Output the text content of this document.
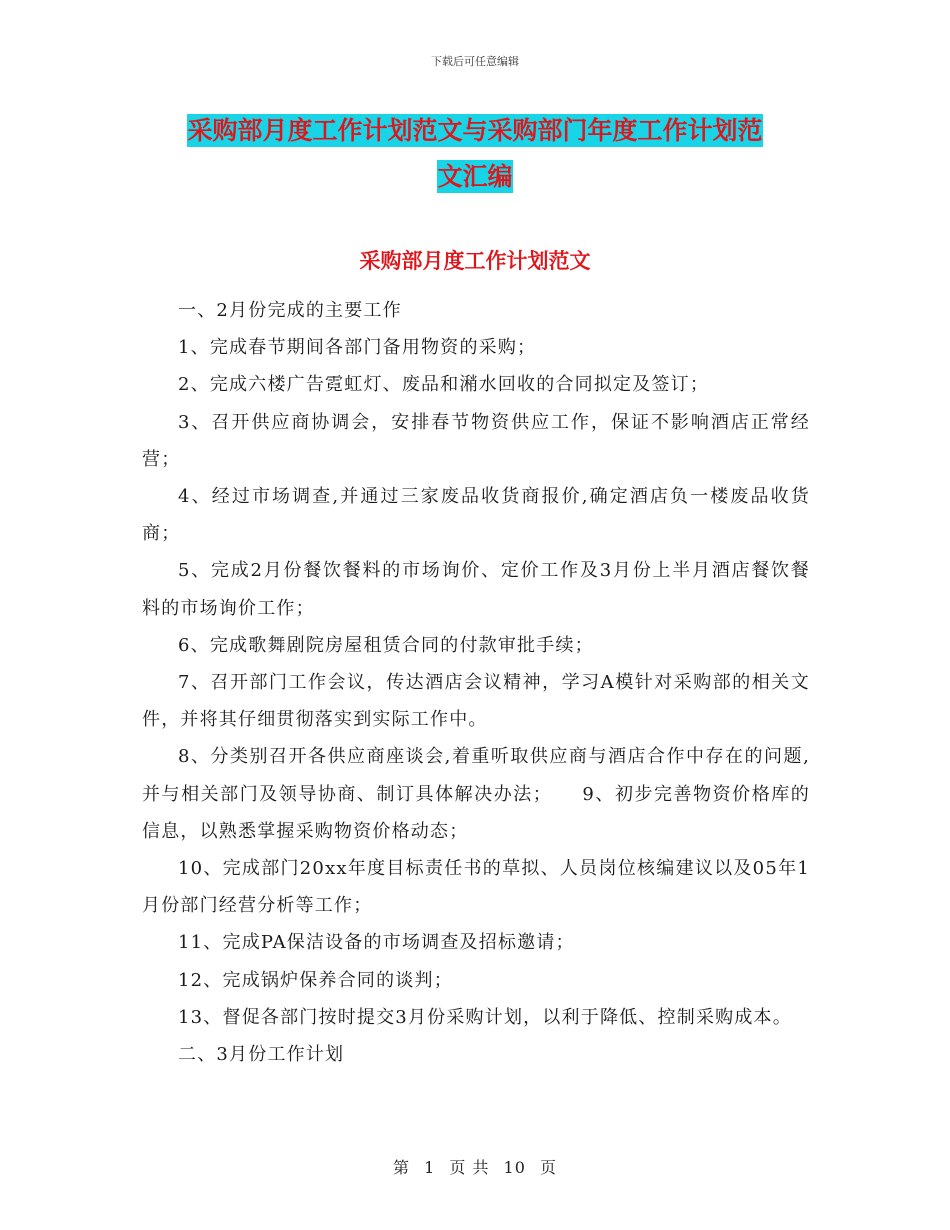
下载后可任意编辑
采购部月度工作计划范文与采购部门年度工作计划范
文汇编
采购部月度工作计划范文

一、2月份完成的主要工作

1、完成春节期间各部门备用物资的采购；

2、完成六楼广告霓虹灯、废品和潲水回收的合同拟定及签订；

3、召开供应商协调会，安排春节物资供应工作，保证不影响酒店正常经营；

4、经过市场调查,并通过三家废品收货商报价,确定酒店负一楼废品收货商；

5、完成2月份餐饮餐料的市场询价、定价工作及3月份上半月酒店餐饮餐料的市场询价工作；

6、完成歌舞剧院房屋租赁合同的付款审批手续；

7、召开部门工作会议，传达酒店会议精神，学习A模针对采购部的相关文件，并将其仔细贯彻落实到实际工作中。

8、分类别召开各供应商座谈会,着重听取供应商与酒店合作中存在的问题,并与相关部门及领导协商、制订具体解决办法；　　9、初步完善物资价格库的信息，以熟悉掌握采购物资价格动态；

10、完成部门20xx年度目标责任书的草拟、人员岗位核编建议以及05年1月份部门经营分析等工作；

11、完成PA保洁设备的市场调查及招标邀请；

12、完成锅炉保养合同的谈判；

13、督促各部门按时提交3月份采购计划，以利于降低、控制采购成本。

二、3月份工作计划

第 1 页 共 10 页
